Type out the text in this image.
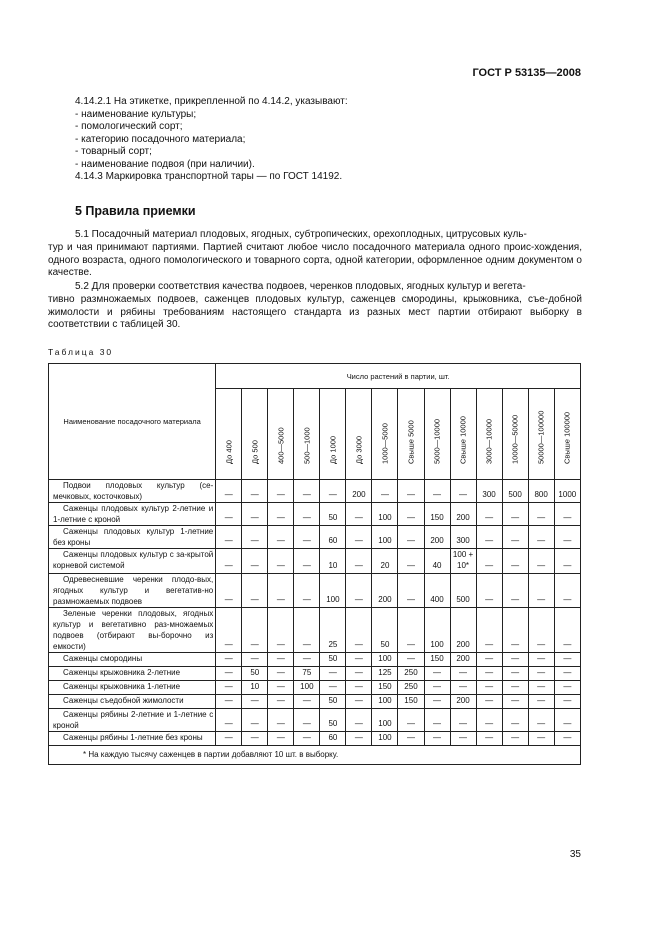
ГОСТ Р 53135—2008
4.14.2.1 На этикетке, прикрепленной по 4.14.2, указывают:
- наименование культуры;
- помологический сорт;
- категорию посадочного материала;
- товарный сорт;
- наименование подвоя (при наличии).
4.14.3 Маркировка транспортной тары — по ГОСТ 14192.
5 Правила приемки
5.1 Посадочный материал плодовых, ягодных, субтропических, орехоплодных, цитрусовых куль-
тур и чая принимают партиями. Партией считают любое число посадочного материала одного проис-хождения, одного возраста, одного помологического и товарного сорта, одной категории, оформленное одним документом о качестве.
5.2 Для проверки соответствия качества подвоев, черенков плодовых, ягодных культур и вегета-
тивно размножаемых подвоев, саженцев плодовых культур, саженцев смородины, крыжовника, съе-добной жимолости и рябины требованиям настоящего стандарта из разных мест партии отбирают выборку в соответствии с таблицей 30.
Таблица 30
Наименование посадочного материала	Число растений в партии, шт.													

	До 400	До 500	400—5000	500—1000	До 1000	До 3000	1000—5000	Свыше 5000	5000—10000	Свыше 10000	3000—10000	10000—50000	50000—100000	Свыше 100000

Подвои плодовых культур (се-мечковых, косточковых)	—	—	—	—	—	200	—	—	—	—	300	500	800	1000
Саженцы плодовых культур 2-летние и 1-летние с кроной	—	—	—	—	50	—	100	—	150	200	—	—	—	—
Саженцы плодовых культур 1-летние без кроны	—	—	—	—	60	—	100	—	200	300	—	—	—	—
Саженцы плодовых культур с за-крытой корневой системой	—	—	—	—	10	—	20	—	40	100 + 10*	—	—	—	—
Одревесневшие черенки плодо-вых, ягодных культур и вегетатив-но размножаемых подвоев	—	—	—	—	100	—	200	—	400	500	—	—	—	—
Зеленые черенки плодовых, ягодных культур и вегетативно раз-множаемых подвоев (отбирают вы-борочно из емкости)	—	—	—	—	25	—	50	—	100	200	—	—	—	—
Саженцы смородины	—	—	—	—	50	—	100	—	150	200	—	—	—	—
Саженцы крыжовника 2-летние	—	50	—	75	—	—	125	250	—	—	—	—	—	—
Саженцы крыжовника 1-летние	—	10	—	100	—	—	150	250	—	—	—	—	—	—
Саженцы съедобной жимолости	—	—	—	—	50	—	100	150	—	200	—	—	—	—
Саженцы рябины 2-летние и 1-летние с кроной	—	—	—	—	50	—	100	—	—	—	—	—	—	—
Саженцы рябины 1-летние без кроны	—	—	—	—	60	—	100	—	—	—	—	—	—	—
* На каждую тысячу саженцев в партии добавляют 10 шт. в выборку.														
35
